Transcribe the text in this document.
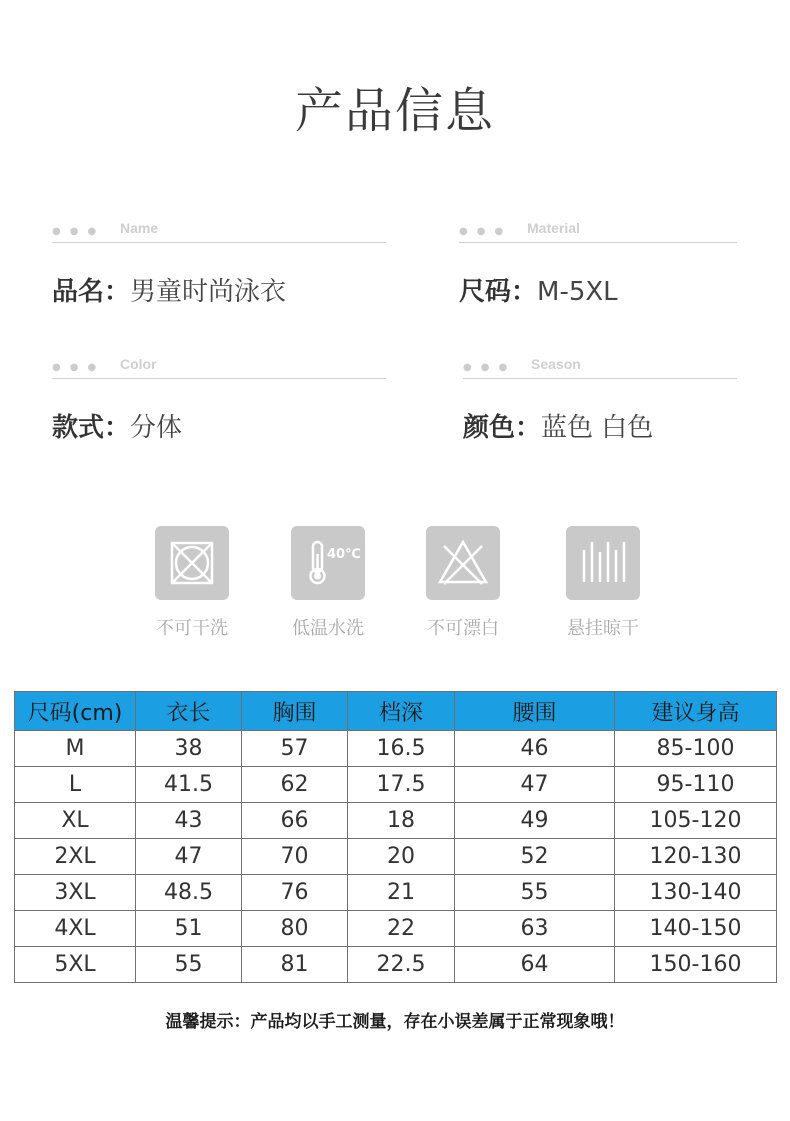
产品信息
●●● Name
品名：男童时尚泳衣
●●● Material
尺码：M-5XL
●●● Color
款式：分体
●●● Season
颜色：蓝色 白色
不可干洗
40℃
低温水洗	不可漂白	悬挂晾干
尺码(cm)	衣长	胸围	档深	腰围	建议身高
M	38	57	16.5	46	85-100
L	41.5	62	17.5	47	95-110
XL	43	66	18	49	105-120
2XL	47	70	20	52	120-130
3XL	48.5	76	21	55	130-140
4XL	51	80	22	63	140-150
5XL	55	81	22.5	64	150-160
温馨提示：产品均以手工测量，存在小误差属于正常现象哦！
